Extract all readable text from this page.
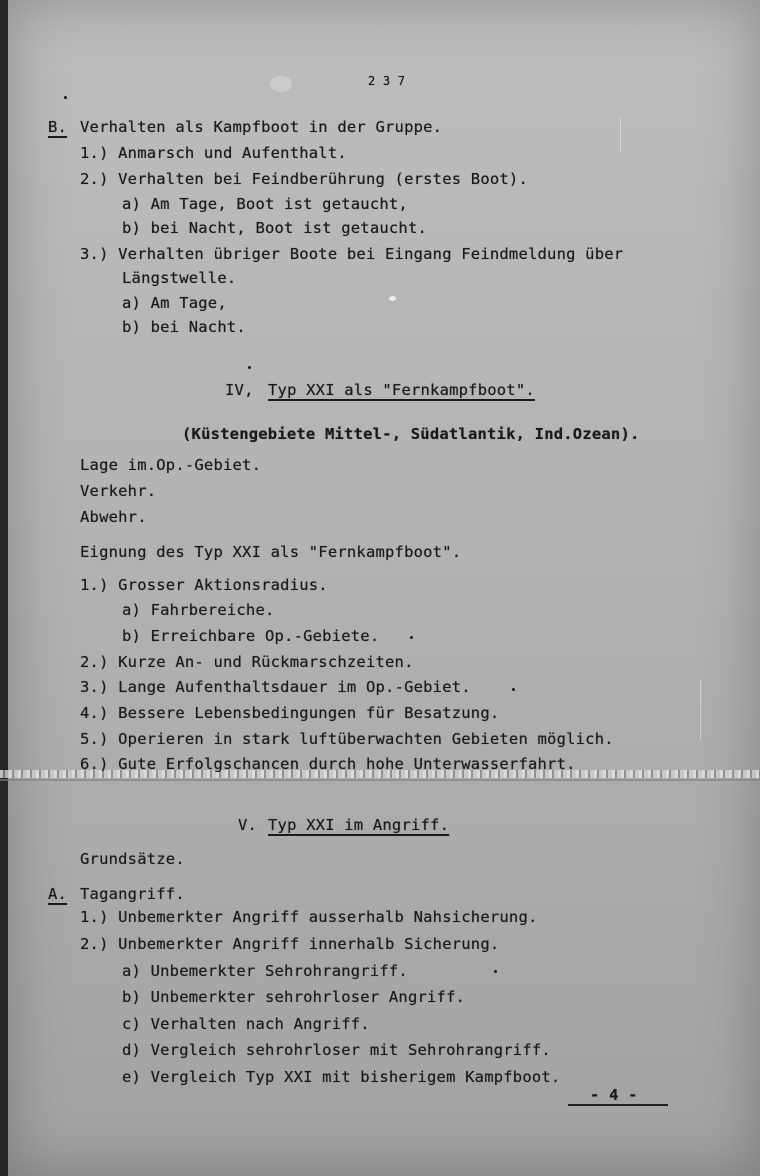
2 3 7
B. Verhalten als Kampfboot in der Gruppe.
1.) Anmarsch und Aufenthalt.
2.) Verhalten bei Feindberührung (erstes Boot).
a) Am Tage, Boot ist getaucht,
b) bei Nacht, Boot ist getaucht.
3.) Verhalten übriger Boote bei Eingang Feindmeldung über
Längstwelle.
a) Am Tage,
b) bei Nacht.
IV, Typ XXI als "Fernkampfboot".
(Küstengebiete Mittel-, Südatlantik, Ind.Ozean).
Lage im.Op.-Gebiet.
Verkehr.
Abwehr.
Eignung des Typ XXI als "Fernkampfboot".
1.) Grosser Aktionsradius.
a) Fahrbereiche.
b) Erreichbare Op.-Gebiete.
2.) Kurze An- und Rückmarschzeiten.
3.) Lange Aufenthaltsdauer im Op.-Gebiet.
4.) Bessere Lebensbedingungen für Besatzung.
5.) Operieren in stark luftüberwachten Gebieten möglich.
6.) Gute Erfolgschancen durch hohe Unterwasserfahrt.
V. Typ XXI im Angriff.
Grundsätze.
A. Tagangriff.
1.) Unbemerkter Angriff ausserhalb Nahsicherung.
2.) Unbemerkter Angriff innerhalb Sicherung.
a) Unbemerkter Sehrohrangriff.
b) Unbemerkter sehrohrloser Angriff.
c) Verhalten nach Angriff.
d) Vergleich sehrohrloser mit Sehrohrangriff.
e) Vergleich Typ XXI mit bisherigem Kampfboot.
- 4 -
